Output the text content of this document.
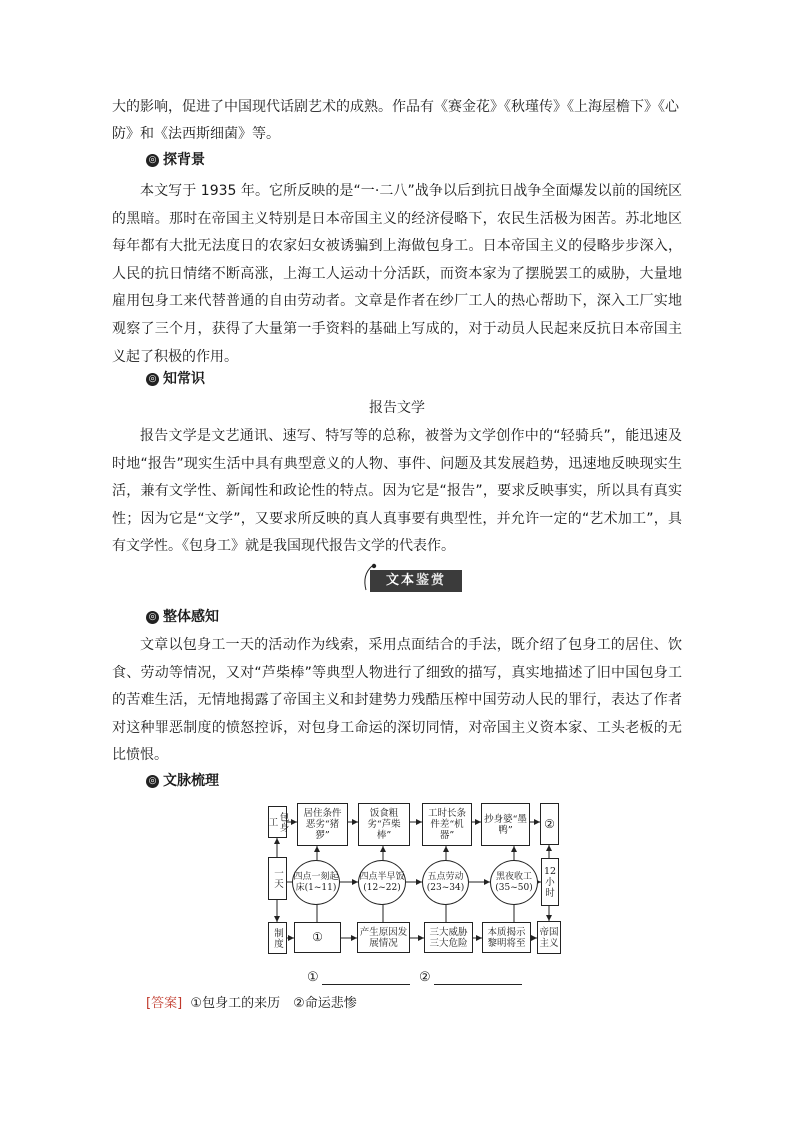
大的影响，促进了中国现代话剧艺术的成熟。作品有《赛金花》《秋瑾传》《上海屋檐下》《心

防》和《法西斯细菌》等。

◎ 探背景

本文写于 1935 年。它所反映的是“一·二八”战争以后到抗日战争全面爆发以前的国统区的黑暗。那时在帝国主义特别是日本帝国主义的经济侵略下，农民生活极为困苦。苏北地区每年都有大批无法度日的农家妇女被诱骗到上海做包身工。日本帝国主义的侵略步步深入，人民的抗日情绪不断高涨，上海工人运动十分活跃，而资本家为了摆脱罢工的威胁，大量地雇用包身工来代替普通的自由劳动者。文章是作者在纱厂工人的热心帮助下，深入工厂实地观察了三个月，获得了大量第一手资料的基础上写成的，对于动员人民起来反抗日本帝国主义起了积极的作用。

◎ 知常识
报告文学

报告文学是文艺通讯、速写、特写等的总称，被誉为文学创作中的“轻骑兵”，能迅速及时地“报告”现实生活中具有典型意义的人物、事件、问题及其发展趋势，迅速地反映现实生活，兼有文学性、新闻性和政论性的特点。因为它是“报告”，要求反映事实，所以具有真实性；因为它是“文学”，又要求所反映的真人真事要有典型性，并允许一定的“艺术加工”，具有文学性。《包身工》就是我国现代报告文学的代表作。

文本鉴赏
◎ 整体感知

文章以包身工一天的活动作为线索，采用点面结合的手法，既介绍了包身工的居住、饮食、劳动等情况，又对“芦柴棒”等典型人物进行了细致的描写，真实地描述了旧中国包身工的苦难生活，无情地揭露了帝国主义和封建势力残酷压榨中国劳动人民的罪行，表达了作者对这种罪恶制度的愤怒控诉，对包身工命运的深切同情，对帝国主义资本家、工头老板的无比愤恨。

◎ 文脉梳理
包身工
一天
制度
居住条件恶劣“猪猡”
饭食粗劣“芦柴棒”
工时长条件差“机器”
抄身婆“墨鸭”	②
四点一刻起床(1~11)
四点半早饭(12~22)
五点劳动(23~34)
黑夜收工(35~50)
12小时
①	产生原因发展情况
三大威胁三大危险
本质揭示黎明将至
帝国主义
①	②
[答案] ①包身工的来历　②命运悲惨
